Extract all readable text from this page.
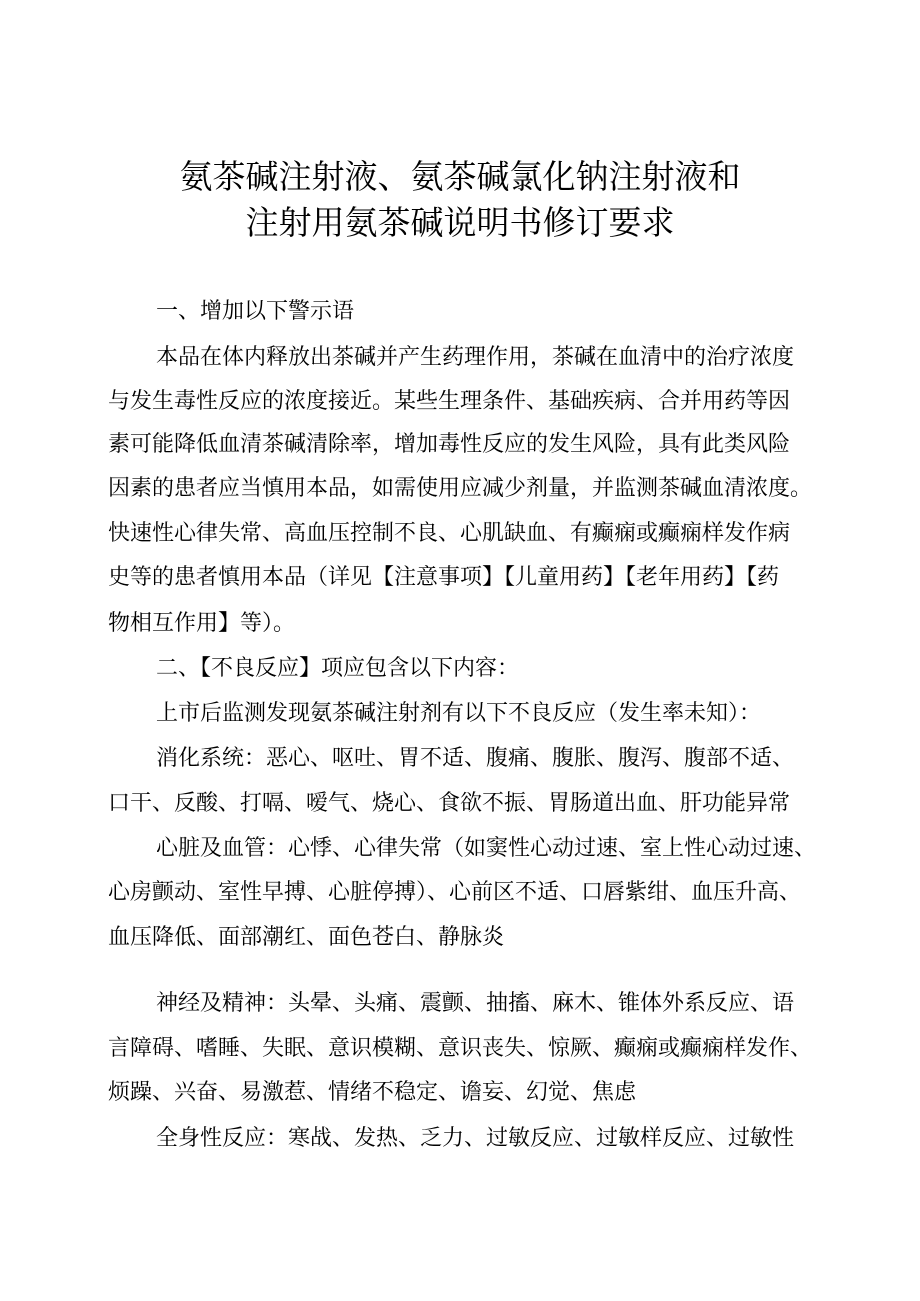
氨茶碱注射液、氨茶碱氯化钠注射液和
注射用氨茶碱说明书修订要求
一、增加以下警示语
本品在体内释放出茶碱并产生药理作用，茶碱在血清中的治疗浓度
与发生毒性反应的浓度接近。某些生理条件、基础疾病、合并用药等因
素可能降低血清茶碱清除率，增加毒性反应的发生风险，具有此类风险
因素的患者应当慎用本品，如需使用应减少剂量，并监测茶碱血清浓度。
快速性心律失常、高血压控制不良、心肌缺血、有癫痫或癫痫样发作病
史等的患者慎用本品（详见【注意事项】【儿童用药】【老年用药】【药
物相互作用】等）。
二、【不良反应】项应包含以下内容：
上市后监测发现氨茶碱注射剂有以下不良反应（发生率未知）：
消化系统：恶心、呕吐、胃不适、腹痛、腹胀、腹泻、腹部不适、
口干、反酸、打嗝、嗳气、烧心、食欲不振、胃肠道出血、肝功能异常
心脏及血管：心悸、心律失常（如窦性心动过速、室上性心动过速、
心房颤动、室性早搏、心脏停搏）、心前区不适、口唇紫绀、血压升高、
血压降低、面部潮红、面色苍白、静脉炎
神经及精神：头晕、头痛、震颤、抽搐、麻木、锥体外系反应、语
言障碍、嗜睡、失眠、意识模糊、意识丧失、惊厥、癫痫或癫痫样发作、
烦躁、兴奋、易激惹、情绪不稳定、谵妄、幻觉、焦虑
全身性反应：寒战、发热、乏力、过敏反应、过敏样反应、过敏性
